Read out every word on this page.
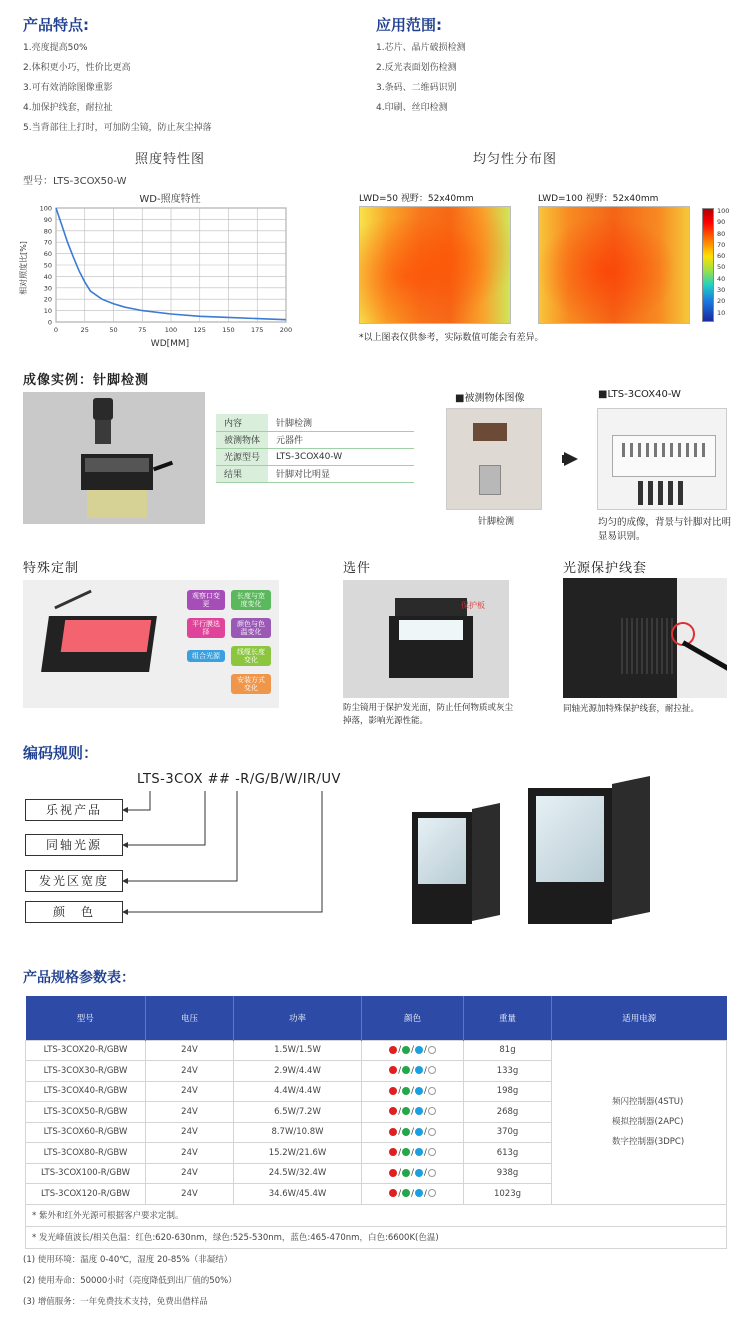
产品特点:
1.亮度提高50%
2.体积更小巧，性价比更高
3.可有效消除图像重影
4.加保护线套，耐拉扯
5.当背部往上打时，可加防尘镜，防止灰尘掉落
应用范围:
1.芯片、晶片破损检测
2.反光表面划伤检测
3.条码、二维码识别
4.印刷、丝印检测
照度特性图
型号：LTS-3COX50-W
WD-照度特性
0
10
20
30
40
50
60
70
80
90
100
0	25	50	75	100	125	150	175	200
相对照度比[%]
WD[MM]
均匀性分布图
LWD=50 视野：52x40mm	LWD=100 视野：52x40mm
100
90
80
70
60
50
40
30
20
10
*以上图表仅供参考，实际数值可能会有差异。
成像实例：针脚检测
内容	针脚检测
被测物体	元器件
光源型号	LTS-3COX40-W
结果	针脚对比明显
■被测物体图像
针脚检测
■LTS-3COX40-W
均匀的成像，背景与针脚对比明显易识别。
特殊定制
观察口变更
长度与宽度变化
平行膜选择
颜色与色温变化
组合光源	线缆长度变化
安装方式变化
选件
保护板
防尘镜用于保护发光面，防止任何物质或灰尘掉落，影响光源性能。
光源保护线套
同轴光源加特殊保护线套，耐拉扯。
编码规则：
LTS-3COX ## -R/G/B/W/IR/UV
乐视产品
同轴光源
发光区宽度
颜　色
产品规格参数表：
型号	电压	功率	颜色	重量	适用电源
LTS-3COX20-R/GBW	24V	1.5W/1.5W	/ / /	81g	频闪控制器(4STU)
模拟控制器(2APC)
数字控制器(3DPC)

LTS-3COX30-R/GBW	24V	2.9W/4.4W	/ / /	133g	
LTS-3COX40-R/GBW	24V	4.4W/4.4W	/ / /	198g	
LTS-3COX50-R/GBW	24V	6.5W/7.2W	/ / /	268g	
LTS-3COX60-R/GBW	24V	8.7W/10.8W	/ / /	370g	
LTS-3COX80-R/GBW	24V	15.2W/21.6W	/ / /	613g	
LTS-3COX100-R/GBW	24V	24.5W/32.4W	/ / /	938g	
LTS-3COX120-R/GBW	24V	34.6W/45.4W	/ / /	1023g	
* 紫外和红外光源可根据客户要求定制。					
* 发光峰值波长/相关色温：红色:620-630nm，绿色:525-530nm，蓝色:465-470nm，白色:6600K(色温)					
(1) 使用环境：温度 0-40℃，湿度 20-85%（非凝结）
(2) 使用寿命：50000小时（亮度降低到出厂值的50%）
(3) 增值服务：一年免费技术支持，免费出借样品
